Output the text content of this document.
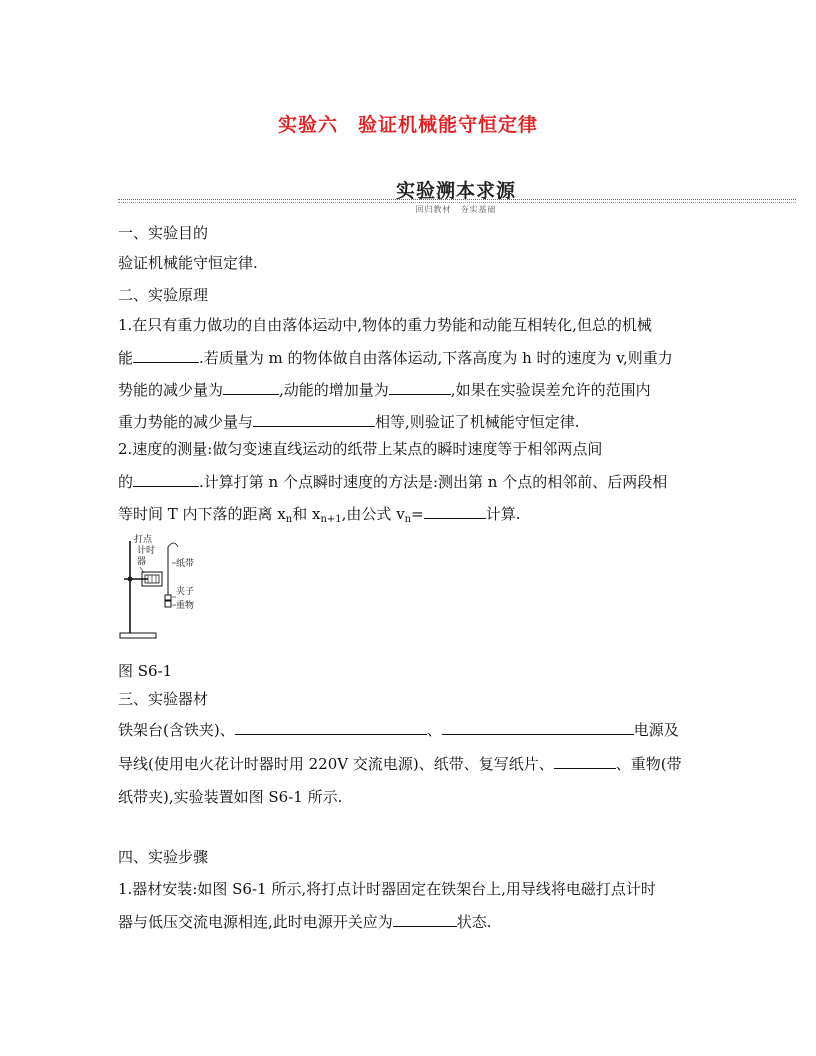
实验六　验证机械能守恒定律
实验溯本求源
回归教材　夯实基础
一、实验目的
验证机械能守恒定律.
二、实验原理
1.在只有重力做功的自由落体运动中,物体的重力势能和动能互相转化,但总的机械
能	.若质量为 m 的物体做自由落体运动,下落高度为 h 时的速度为 v,则重力
势能的减少量为	,动能的增加量为	,如果在实验误差允许的范围内
重力势能的减少量与	相等,则验证了机械能守恒定律.
2.速度的测量:做匀变速直线运动的纸带上某点的瞬时速度等于相邻两点间
的	.计算打第 n 个点瞬时速度的方法是:测出第 n 个点的相邻前、后两段相
等时间 T 内下落的距离 $x_n$和 $x_{n+1}$,由公式 $v_n=$	计算.
打点
计时
器	纸带
夹子
重物
图 S6-1
三、实验器材
铁架台(含铁夹)、	、	电源及
导线(使用电火花计时器时用 220V 交流电源)、纸带、复写纸片、	、重物(带
纸带夹),实验装置如图 S6-1 所示.
四、实验步骤
1.器材安装:如图 S6-1 所示,将打点计时器固定在铁架台上,用导线将电磁打点计时
器与低压交流电源相连,此时电源开关应为	状态.
